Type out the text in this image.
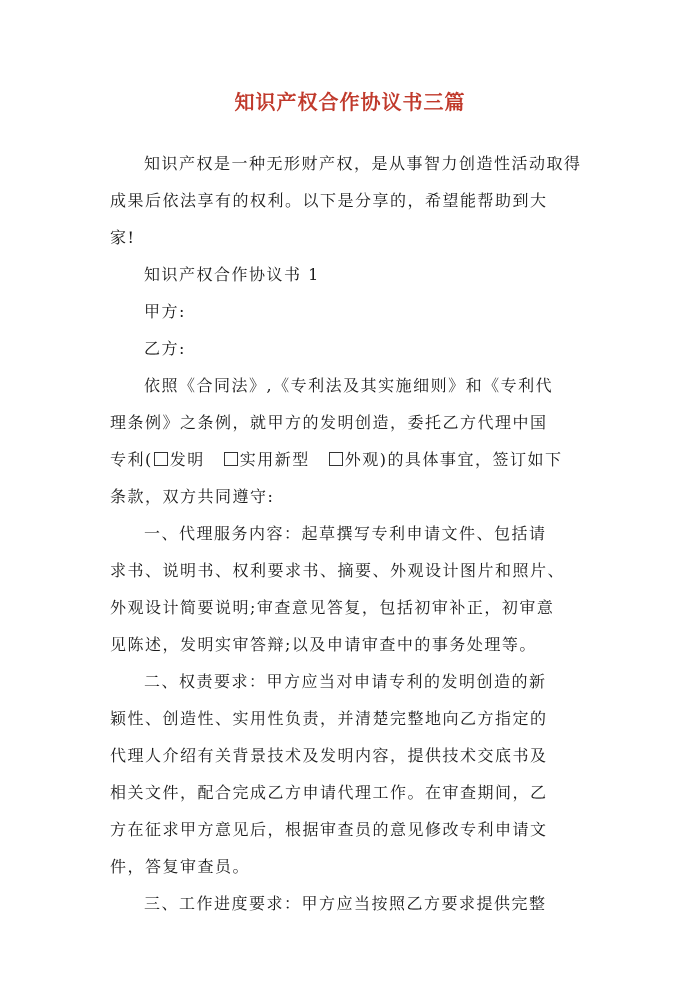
知识产权合作协议书三篇

知识产权是一种无形财产权，是从事智力创造性活动取得
成果后依法享有的权利。以下是分享的，希望能帮助到大
家!

知识产权合作协议书 1

甲方:

乙方:

依照《合同法》,《专利法及其实施细则》和《专利代
理条例》之条例，就甲方的发明创造，委托乙方代理中国
专利( 发明 实用新型 外观)的具体事宜，签订如下
条款，双方共同遵守:

一、代理服务内容：起草撰写专利申请文件、包括请
求书、说明书、权利要求书、摘要、外观设计图片和照片、
外观设计简要说明;审查意见答复，包括初审补正，初审意
见陈述，发明实审答辩;以及申请审查中的事务处理等。

二、权责要求：甲方应当对申请专利的发明创造的新
颖性、创造性、实用性负责，并清楚完整地向乙方指定的
代理人介绍有关背景技术及发明内容，提供技术交底书及
相关文件，配合完成乙方申请代理工作。在审查期间，乙
方在征求甲方意见后，根据审查员的意见修改专利申请文
件，答复审查员。

三、工作进度要求：甲方应当按照乙方要求提供完整
